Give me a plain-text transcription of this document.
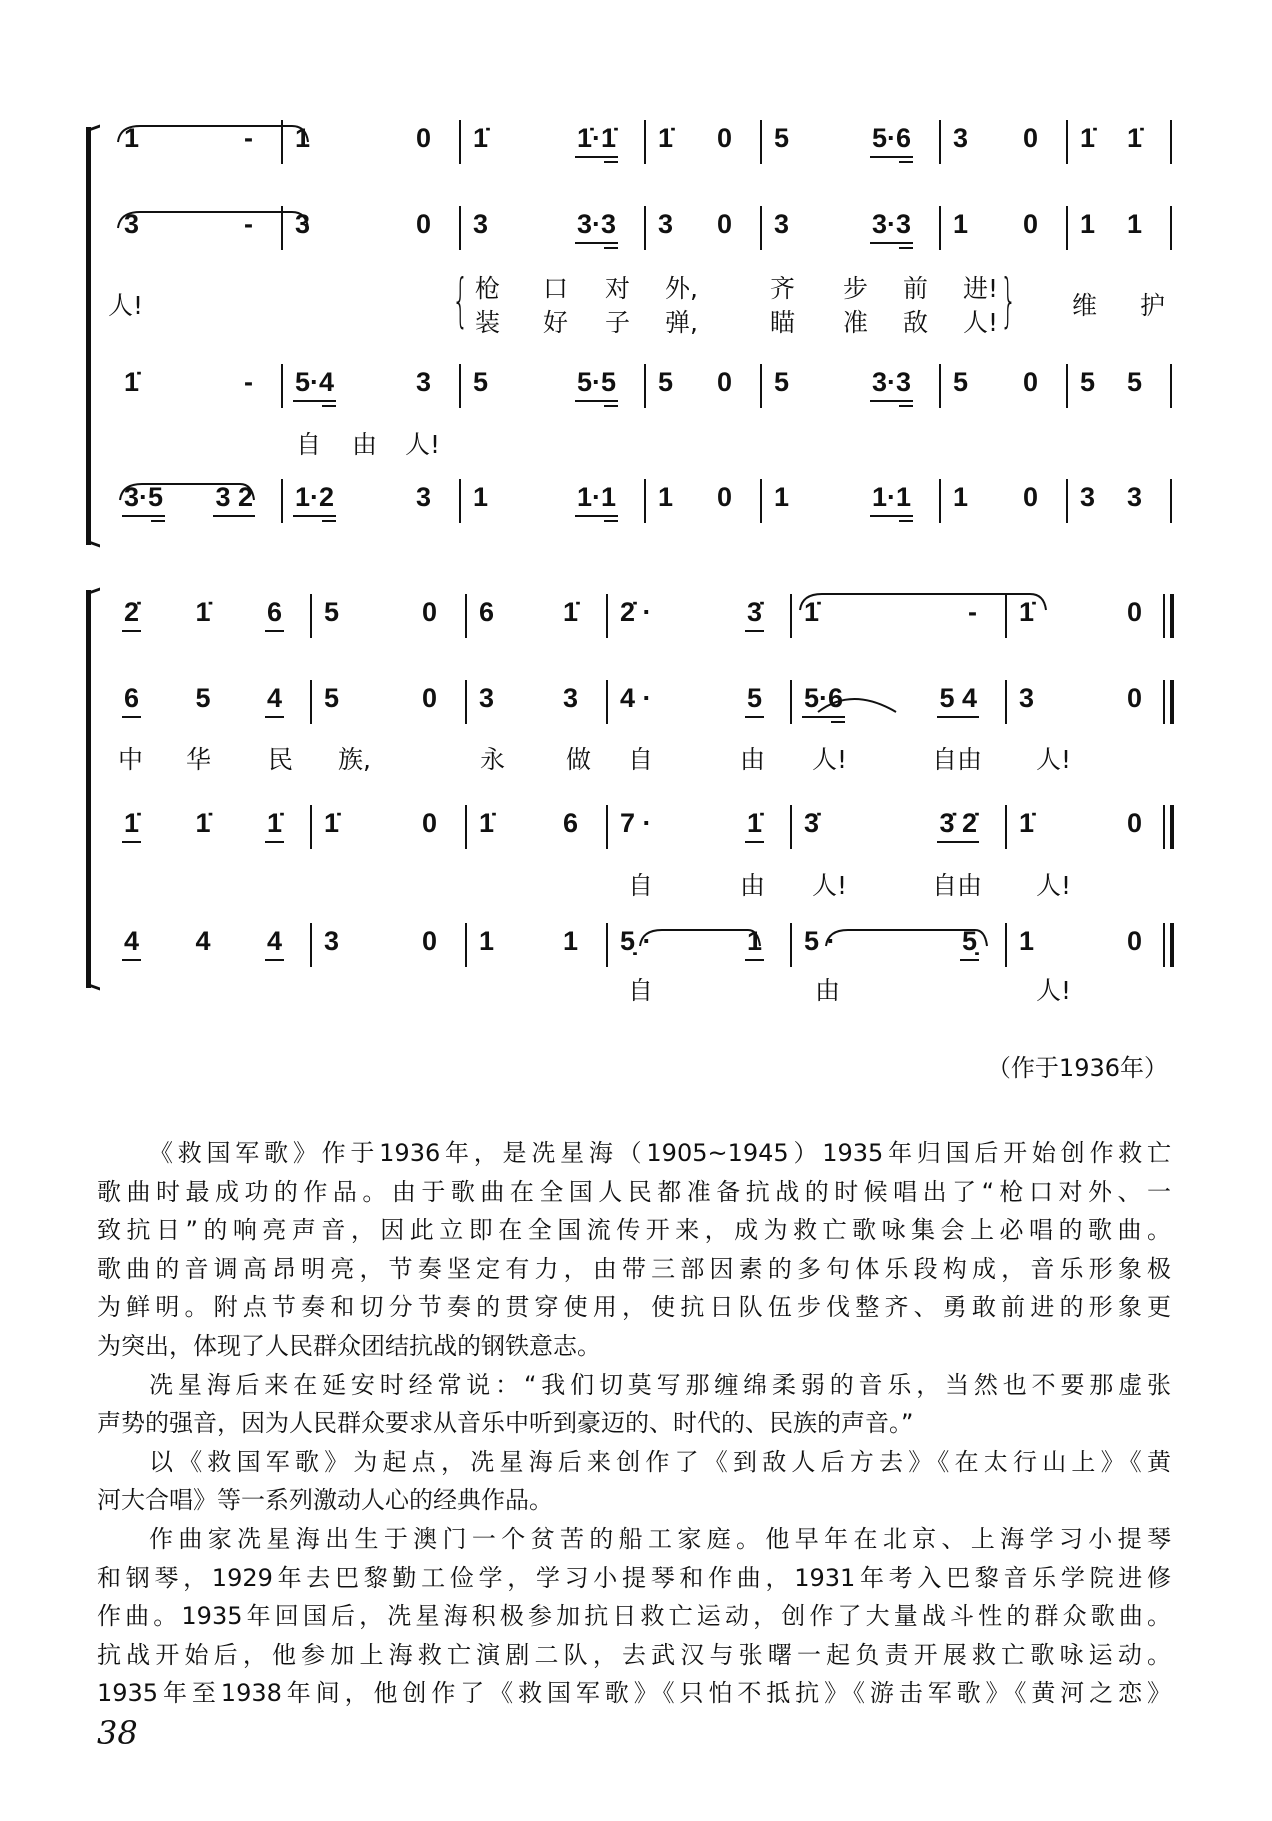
人!	{	}
枪 口 对 外,	齐 步 前 进!
装 好 子 弹,	瞄 准 敌 人!
维 护
自 由 人!
1	- 1	0 1̇	1̇·1̇ 1̇ 0 5	5·6 3 0 1̇ 1̇
3	- 3	0 3	3·3 3 0 3	3·3 1 0 1 1
1̇	- 5·4	3 5	5·5 5 0 5	3·3 5 0 5 5
3·5 3 2 1·2	3 1	1·1 1 0 1	1·1 1 0 3 3
中 华 民 族,	永 做 自	由 人!	自由 人!
自	由 人!	自由 人!
自	由	人!
2̇ 1̇ 6 5	0 6	1̇ 2̇ ·	3̇ 1̇	- 1̇	0
6 5 4 5	0 3	3 4 ·	5 5·6	5 4 3	0
1̇ 1̇ 1̇ 1̇	0 1̇	6 7 ·	1̇ 3̇	3̇ 2̇ 1̇	0
4 4 4 3	0 1	1 5̣ ·	1 5 ·	5̣ 1	0
（作于1936年）
《救国军歌》作于1936年，是冼星海（1905~1945）1935年归国后开始创作救亡
歌曲时最成功的作品。由于歌曲在全国人民都准备抗战的时候唱出了“枪口对外、一
致抗日”的响亮声音，因此立即在全国流传开来，成为救亡歌咏集会上必唱的歌曲。
歌曲的音调高昂明亮，节奏坚定有力，由带三部因素的多句体乐段构成，音乐形象极
为鲜明。附点节奏和切分节奏的贯穿使用，使抗日队伍步伐整齐、勇敢前进的形象更
为突出，体现了人民群众团结抗战的钢铁意志。
冼星海后来在延安时经常说：“我们切莫写那缠绵柔弱的音乐，当然也不要那虚张
声势的强音，因为人民群众要求从音乐中听到豪迈的、时代的、民族的声音。”
以《救国军歌》为起点，冼星海后来创作了《到敌人后方去》《在太行山上》《黄
河大合唱》等一系列激动人心的经典作品。
作曲家冼星海出生于澳门一个贫苦的船工家庭。他早年在北京、上海学习小提琴
和钢琴，1929年去巴黎勤工俭学，学习小提琴和作曲，1931年考入巴黎音乐学院进修
作曲。1935年回国后，冼星海积极参加抗日救亡运动，创作了大量战斗性的群众歌曲。
抗战开始后，他参加上海救亡演剧二队，去武汉与张曙一起负责开展救亡歌咏运动。
1935年至1938年间，他创作了《救国军歌》《只怕不抵抗》《游击军歌》《黄河之恋》
38
